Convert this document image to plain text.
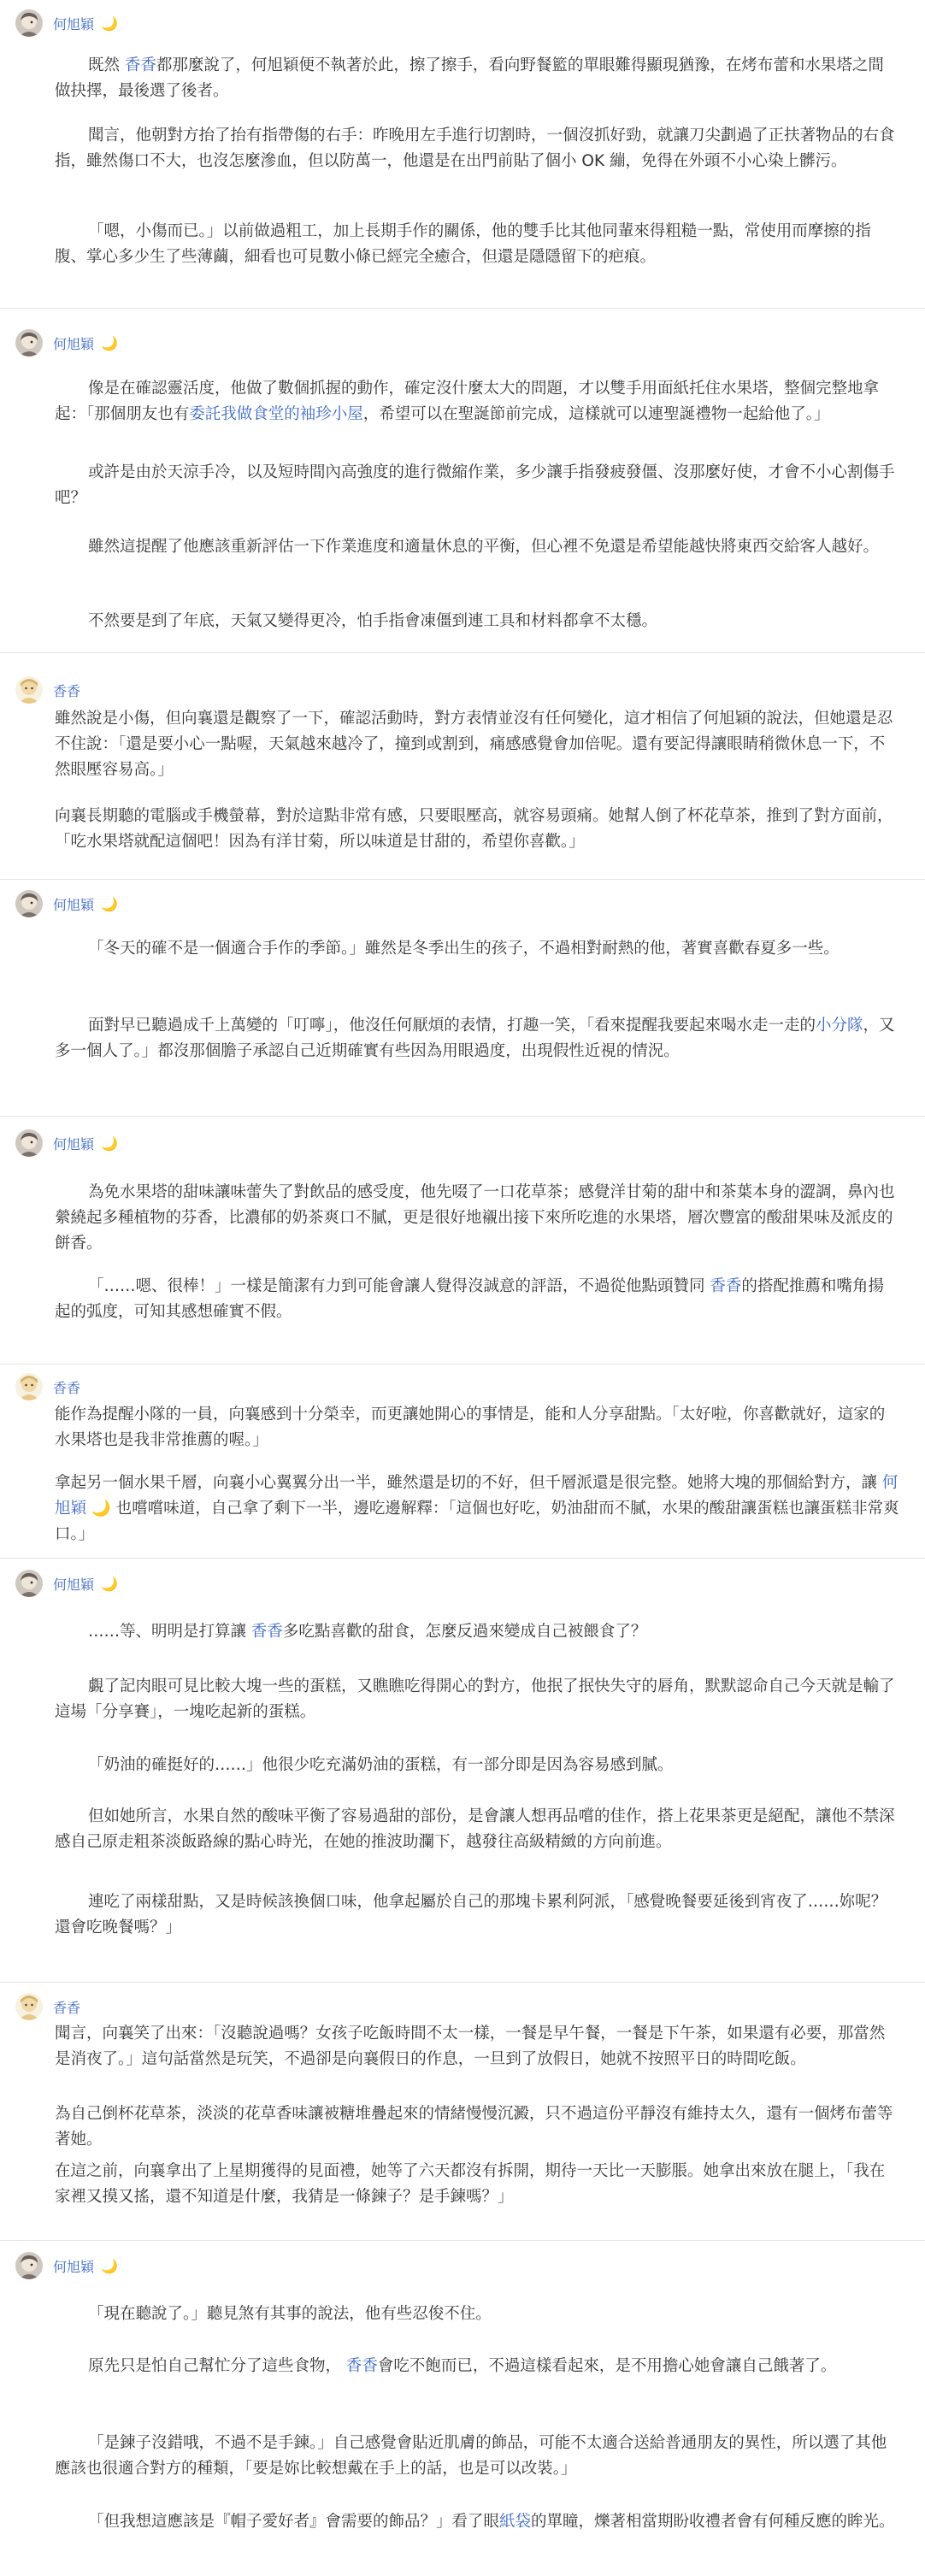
何旭穎 🌙
既然 香香都那麼說了，何旭穎便不執著於此，擦了擦手，看向野餐籃的單眼難得顯現猶豫，在烤布蕾和水果塔之間做抉擇，最後選了後者。
聞言，他朝對方抬了抬有指帶傷的右手：昨晚用左手進行切割時，一個沒抓好勁，就讓刀尖劃過了正扶著物品的右食指，雖然傷口不大，也沒怎麼滲血，但以防萬一，他還是在出門前貼了個小 OK 繃，免得在外頭不小心染上髒污。
「嗯，小傷而已。」以前做過粗工，加上長期手作的關係，他的雙手比其他同輩來得粗糙一點，常使用而摩擦的指腹、掌心多少生了些薄繭，細看也可見數小條已經完全癒合，但還是隱隱留下的疤痕。
何旭穎 🌙
像是在確認靈活度，他做了數個抓握的動作，確定沒什麼太大的問題，才以雙手用面紙托住水果塔，整個完整地拿起：「那個朋友也有委託我做食堂的袖珍小屋，希望可以在聖誕節前完成，這樣就可以連聖誕禮物一起給他了。」
或許是由於天涼手冷，以及短時間內高強度的進行微縮作業，多少讓手指發疲發僵、沒那麼好使，才會不小心割傷手吧？
雖然這提醒了他應該重新評估一下作業進度和適量休息的平衡，但心裡不免還是希望能越快將東西交給客人越好。
不然要是到了年底，天氣又變得更冷，怕手指會凍僵到連工具和材料都拿不太穩。
香香
雖然說是小傷，但向襄還是觀察了一下，確認活動時，對方表情並沒有任何變化，這才相信了何旭穎的說法，但她還是忍不住說：「還是要小心一點喔，天氣越來越冷了，撞到或割到，痛感感覺會加倍呢。還有要記得讓眼睛稍微休息一下，不然眼壓容易高。」
向襄長期聽的電腦或手機螢幕，對於這點非常有感，只要眼壓高，就容易頭痛。她幫人倒了杯花草茶，推到了對方面前，「吃水果塔就配這個吧！因為有洋甘菊，所以味道是甘甜的，希望你喜歡。」
何旭穎 🌙
「冬天的確不是一個適合手作的季節。」雖然是冬季出生的孩子，不過相對耐熱的他，著實喜歡春夏多一些。
面對早已聽過成千上萬變的「叮嚀」，他沒任何厭煩的表情，打趣一笑，「看來提醒我要起來喝水走一走的小分隊，又多一個人了。」都沒那個膽子承認自己近期確實有些因為用眼過度，出現假性近視的情況。
何旭穎 🌙
為免水果塔的甜味讓味蕾失了對飲品的感受度，他先啜了一口花草茶；感覺洋甘菊的甜中和茶葉本身的澀調，鼻內也縈繞起多種植物的芬香，比濃郁的奶茶爽口不膩，更是很好地襯出接下來所吃進的水果塔，層次豐富的酸甜果味及派皮的餅香。
「……嗯、很棒！」一樣是簡潔有力到可能會讓人覺得沒誠意的評語，不過從他點頭贊同 香香的搭配推薦和嘴角揚起的弧度，可知其感想確實不假。
香香
能作為提醒小隊的一員，向襄感到十分榮幸，而更讓她開心的事情是，能和人分享甜點。「太好啦，你喜歡就好，這家的水果塔也是我非常推薦的喔。」
拿起另一個水果千層，向襄小心翼翼分出一半，雖然還是切的不好，但千層派還是很完整。她將大塊的那個給對方，讓 何旭穎 🌙 也嚐嚐味道，自己拿了剩下一半，邊吃邊解釋：「這個也好吃，奶油甜而不膩，水果的酸甜讓蛋糕也讓蛋糕非常爽口。」
何旭穎 🌙
……等、明明是打算讓 香香多吃點喜歡的甜食，怎麼反過來變成自己被餵食了？
覷了記肉眼可見比較大塊一些的蛋糕，又瞧瞧吃得開心的對方，他抿了抿快失守的唇角，默默認命自己今天就是輸了這場「分享賽」，一塊吃起新的蛋糕。
「奶油的確挺好的……」他很少吃充滿奶油的蛋糕，有一部分即是因為容易感到膩。
但如她所言，水果自然的酸味平衡了容易過甜的部份，是會讓人想再品嚐的佳作，搭上花果茶更是絕配，讓他不禁深感自己原走粗茶淡飯路線的點心時光，在她的推波助瀾下，越發往高級精緻的方向前進。
連吃了兩樣甜點，又是時候該換個口味，他拿起屬於自己的那塊卡累利阿派，「感覺晚餐要延後到宵夜了……妳呢？還會吃晚餐嗎？」
香香
聞言，向襄笑了出來：「沒聽說過嗎？女孩子吃飯時間不太一樣，一餐是早午餐，一餐是下午茶，如果還有必要，那當然是消夜了。」這句話當然是玩笑，不過卻是向襄假日的作息，一旦到了放假日，她就不按照平日的時間吃飯。
為自己倒杯花草茶，淡淡的花草香味讓被糖堆疊起來的情緒慢慢沉澱，只不過這份平靜沒有維持太久，還有一個烤布蕾等著她。
在這之前，向襄拿出了上星期獲得的見面禮，她等了六天都沒有拆開，期待一天比一天膨脹。她拿出來放在腿上，「我在家裡又摸又搖，還不知道是什麼，我猜是一條鍊子？是手鍊嗎？」
何旭穎 🌙
「現在聽說了。」聽見煞有其事的說法，他有些忍俊不住。
原先只是怕自己幫忙分了這些食物， 香香會吃不飽而已，不過這樣看起來，是不用擔心她會讓自己餓著了。
「是鍊子沒錯哦，不過不是手鍊。」自己感覺會貼近肌膚的飾品，可能不太適合送給普通朋友的異性，所以選了其他應該也很適合對方的種類，「要是妳比較想戴在手上的話，也是可以改裝。」
「但我想這應該是『帽子愛好者』會需要的飾品？」看了眼紙袋的單瞳，爍著相當期盼收禮者會有何種反應的眸光。
